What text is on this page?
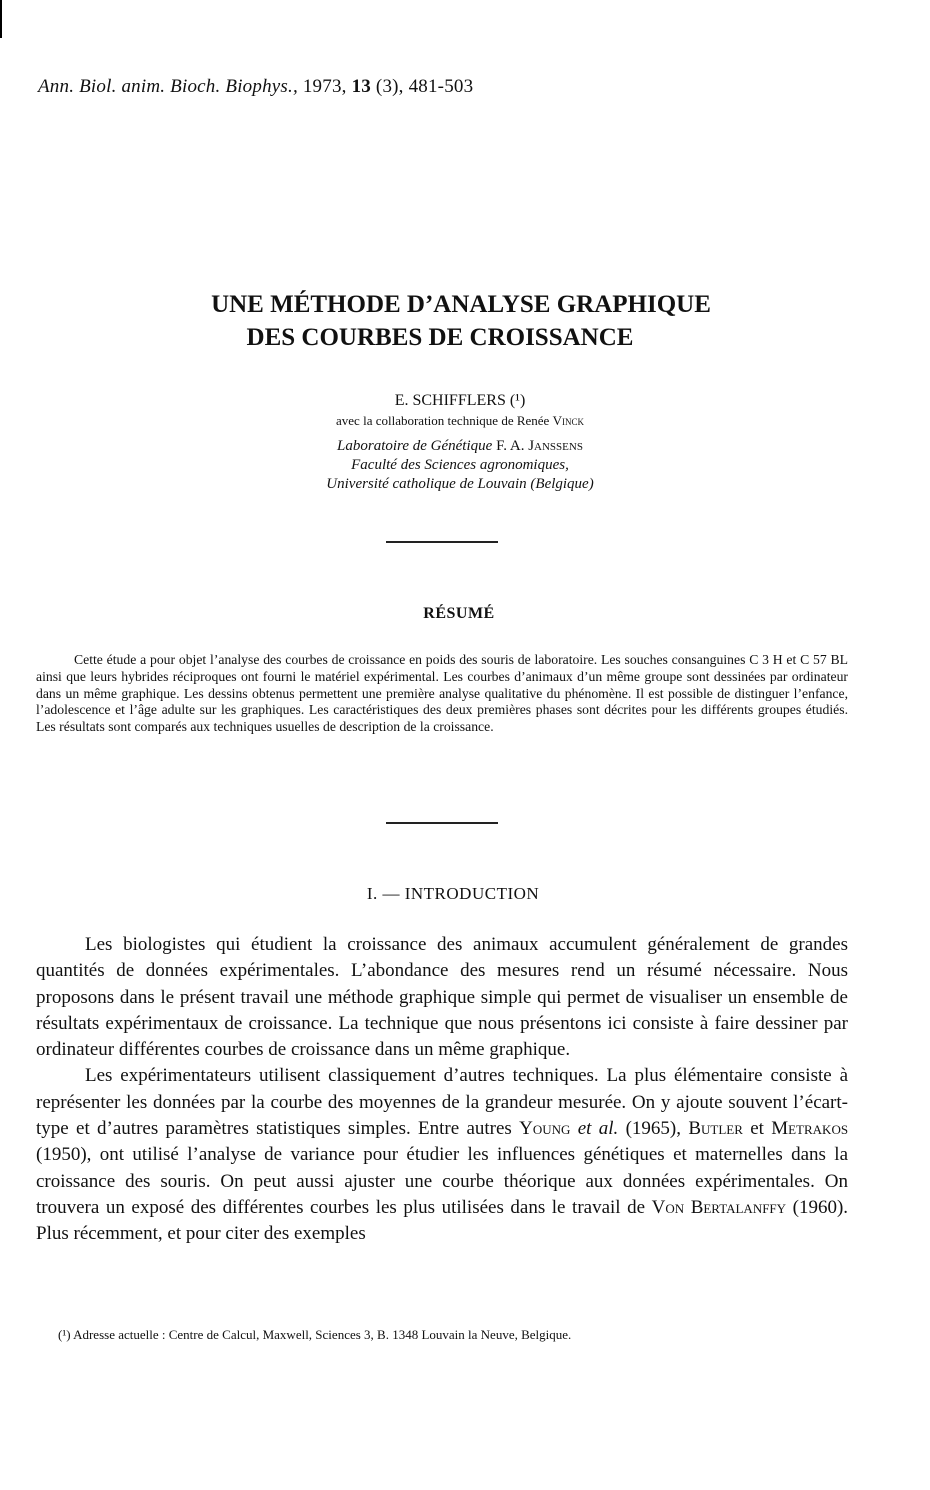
Ann. Biol. anim. Bioch. Biophys., 1973, 13 (3), 481-503
UNE MÉTHODE D’ANALYSE GRAPHIQUE
DES COURBES DE CROISSANCE
E. SCHIFFLERS (¹)
avec la collaboration technique de Renée Vinck
Laboratoire de Génétique F. A. Janssens
Faculté des Sciences agronomiques,
Université catholique de Louvain (Belgique)
RÉSUMÉ
Cette étude a pour objet l’analyse des courbes de croissance en poids des souris de laboratoire. Les souches consanguines C 3 H et C 57 BL ainsi que leurs hybrides réciproques ont fourni le matériel expérimental. Les courbes d’animaux d’un même groupe sont dessinées par ordinateur dans un même graphique. Les dessins obtenus permettent une première analyse qualitative du phénomène. Il est possible de distinguer l’enfance, l’adolescence et l’âge adulte sur les graphiques. Les caractéristiques des deux premières phases sont décrites pour les différents groupes étudiés. Les résultats sont comparés aux techniques usuelles de description de la croissance.
I. — INTRODUCTION

Les biologistes qui étudient la croissance des animaux accumulent généralement de grandes quantités de données expérimentales. L’abondance des mesures rend un résumé nécessaire. Nous proposons dans le présent travail une méthode graphique simple qui permet de visualiser un ensemble de résultats expérimentaux de croissance. La technique que nous présentons ici consiste à faire dessiner par ordinateur différentes courbes de croissance dans un même graphique.

Les expérimentateurs utilisent classiquement d’autres techniques. La plus élémentaire consiste à représenter les données par la courbe des moyennes de la grandeur mesurée. On y ajoute souvent l’écart-type et d’autres paramètres statistiques simples. Entre autres Young et al. (1965), Butler et Metrakos (1950), ont utilisé l’analyse de variance pour étudier les influences génétiques et maternelles dans la croissance des souris. On peut aussi ajuster une courbe théorique aux données expérimentales. On trouvera un exposé des différentes courbes les plus utilisées dans le travail de Von Bertalanffy (1960). Plus récemment, et pour citer des exemples

(¹) Adresse actuelle : Centre de Calcul, Maxwell, Sciences 3, B. 1348 Louvain la Neuve, Belgique.
